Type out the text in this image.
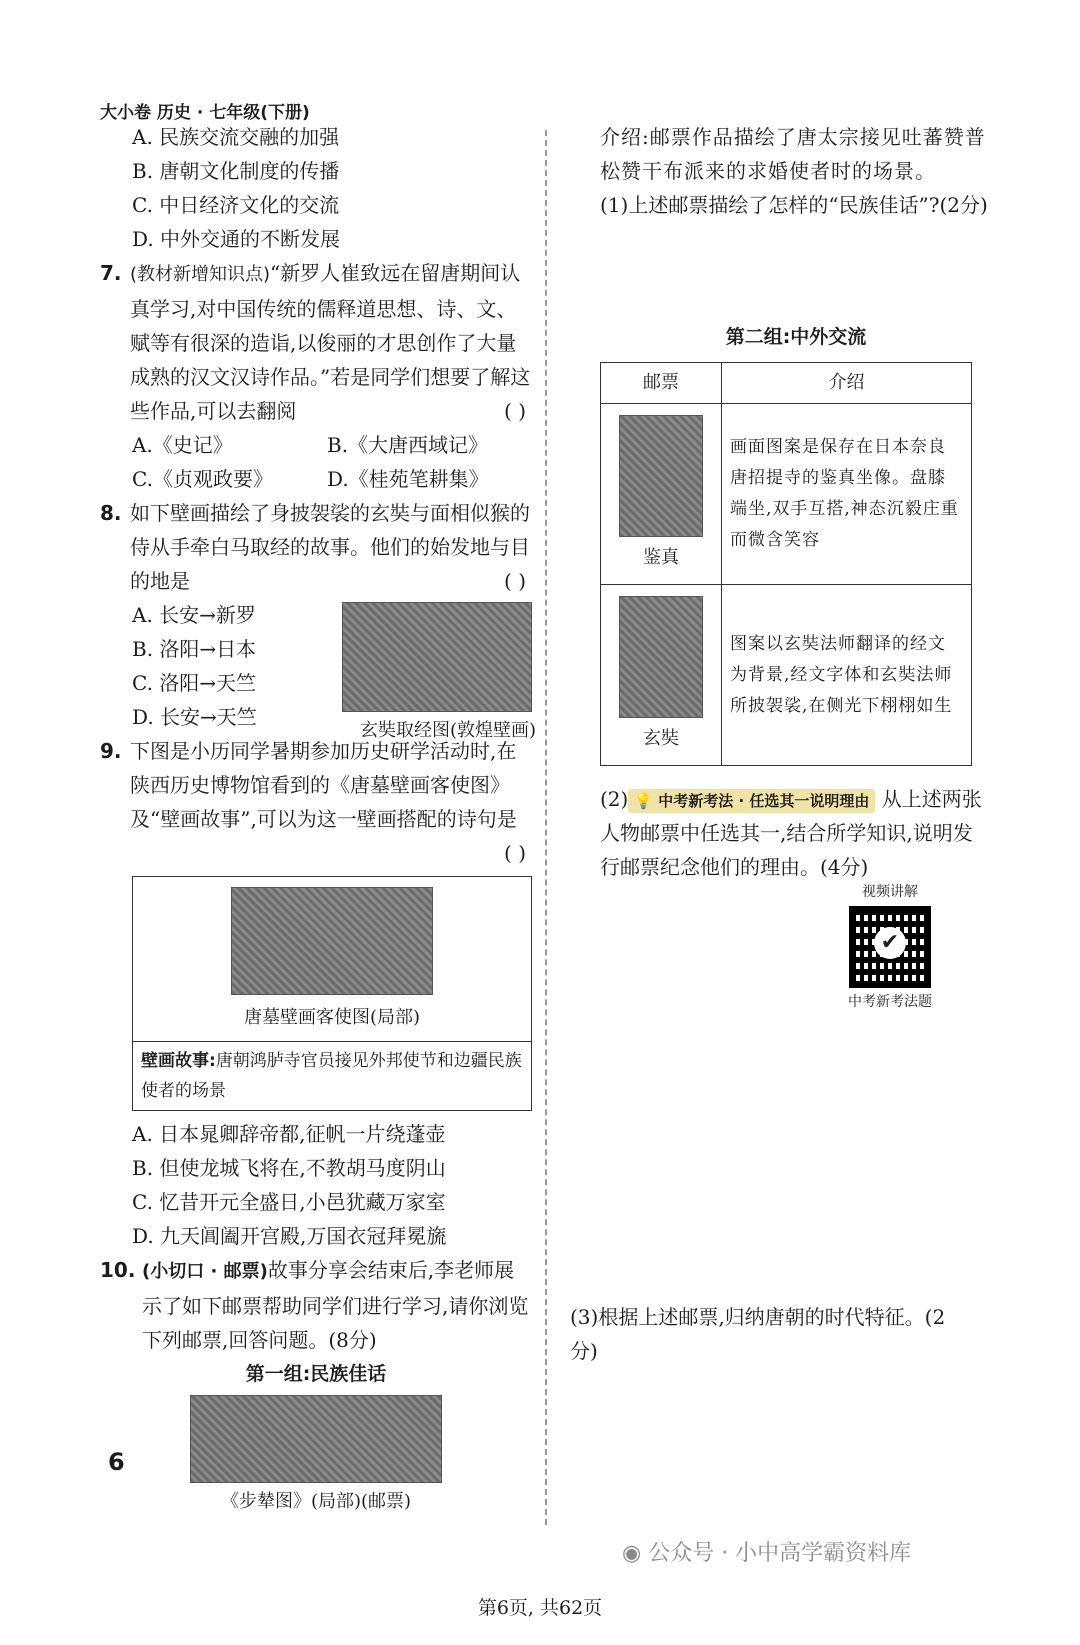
大小卷 历史 · 七年级(下册)
A. 民族交流交融的加强
B. 唐朝文化制度的传播
C. 中日经济文化的交流
D. 中外交通的不断发展
7. (教材新增知识点)“新罗人崔致远在留唐期间认真学习,对中国传统的儒释道思想、诗、文、赋等有很深的造诣,以俊丽的才思创作了大量成熟的汉文汉诗作品。”若是同学们想要了解这些作品,可以去翻阅	( )
A.《史记》	B.《大唐西域记》
C.《贞观政要》	D.《桂苑笔耕集》
8. 如下壁画描绘了身披袈裟的玄奘与面相似猴的侍从手牵白马取经的故事。他们的始发地与目的地是	( )
A. 长安→新罗
B. 洛阳→日本
C. 洛阳→天竺
D. 长安→天竺
玄奘取经图(敦煌壁画)
9. 下图是小历同学暑期参加历史研学活动时,在陕西历史博物馆看到的《唐墓壁画客使图》及“壁画故事”,可以为这一壁画搭配的诗句是
( )
唐墓壁画客使图(局部)
壁画故事:唐朝鸿胪寺官员接见外邦使节和边疆民族使者的场景
A. 日本晁卿辞帝都,征帆一片绕蓬壶
B. 但使龙城飞将在,不教胡马度阴山
C. 忆昔开元全盛日,小邑犹藏万家室
D. 九天阊阖开宫殿,万国衣冠拜冕旒
10. (小切口 · 邮票)故事分享会结束后,李老师展示了如下邮票帮助同学们进行学习,请你浏览下列邮票,回答问题。(8分)
第一组:民族佳话
《步辇图》(局部)(邮票)
介绍:邮票作品描绘了唐太宗接见吐蕃赞普松赞干布派来的求婚使者时的场景。
(1)上述邮票描绘了怎样的“民族佳话”?(2分)
第二组:中外交流
邮票	介绍

鉴真	画面图案是保存在日本奈良唐招提寺的鉴真坐像。盘膝端坐,双手互搭,神态沉毅庄重而微含笑容

玄奘	图案以玄奘法师翻译的经文为背景,经文字体和玄奘法师所披袈裟,在侧光下栩栩如生
(2) 💡 中考新考法 · 任选其一说明理由 从上述两张人物邮票中任选其一,结合所学知识,说明发行邮票纪念他们的理由。(4分)
视频讲解
✔
中考新考法题
(3)根据上述邮票,归纳唐朝的时代特征。(2分)
6
◉ 公众号 · 小中高学霸资料库
第6页, 共62页
